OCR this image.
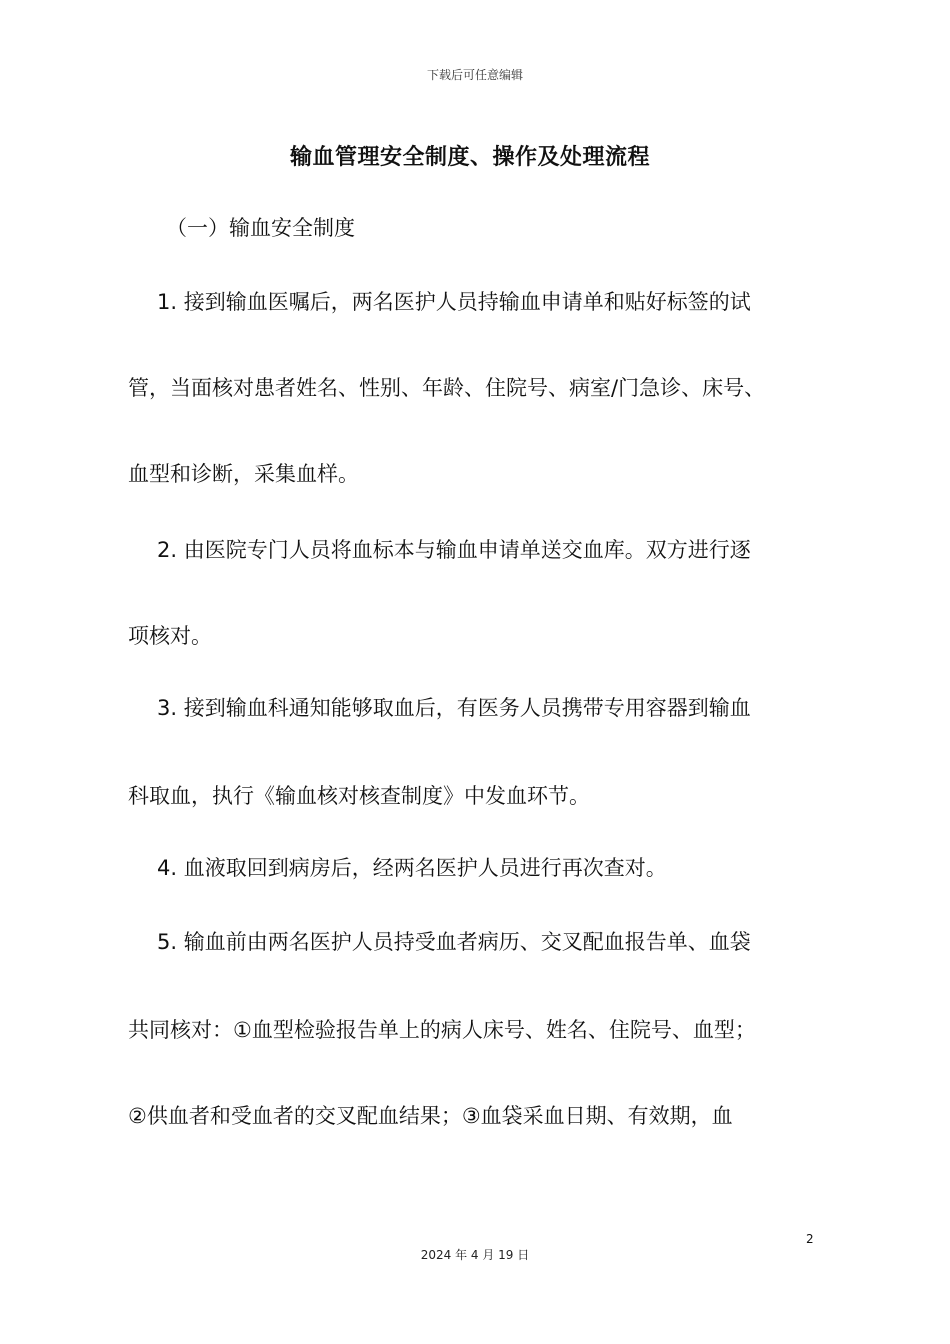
下载后可任意编辑
输血管理安全制度、操作及处理流程
（一）输血安全制度
1. 接到输血医嘱后，两名医护人员持输血申请单和贴好标签的试
管，当面核对患者姓名、性别、年龄、住院号、病室/门急诊、床号、
血型和诊断，采集血样。
2. 由医院专门人员将血标本与输血申请单送交血库。双方进行逐
项核对。
3. 接到输血科通知能够取血后，有医务人员携带专用容器到输血
科取血，执行《输血核对核查制度》中发血环节。
4. 血液取回到病房后，经两名医护人员进行再次查对。
5. 输血前由两名医护人员持受血者病历、交叉配血报告单、血袋
共同核对：①血型检验报告单上的病人床号、姓名、住院号、血型；
②供血者和受血者的交叉配血结果；③血袋采血日期、有效期，血
2
2024 年 4 月 19 日
